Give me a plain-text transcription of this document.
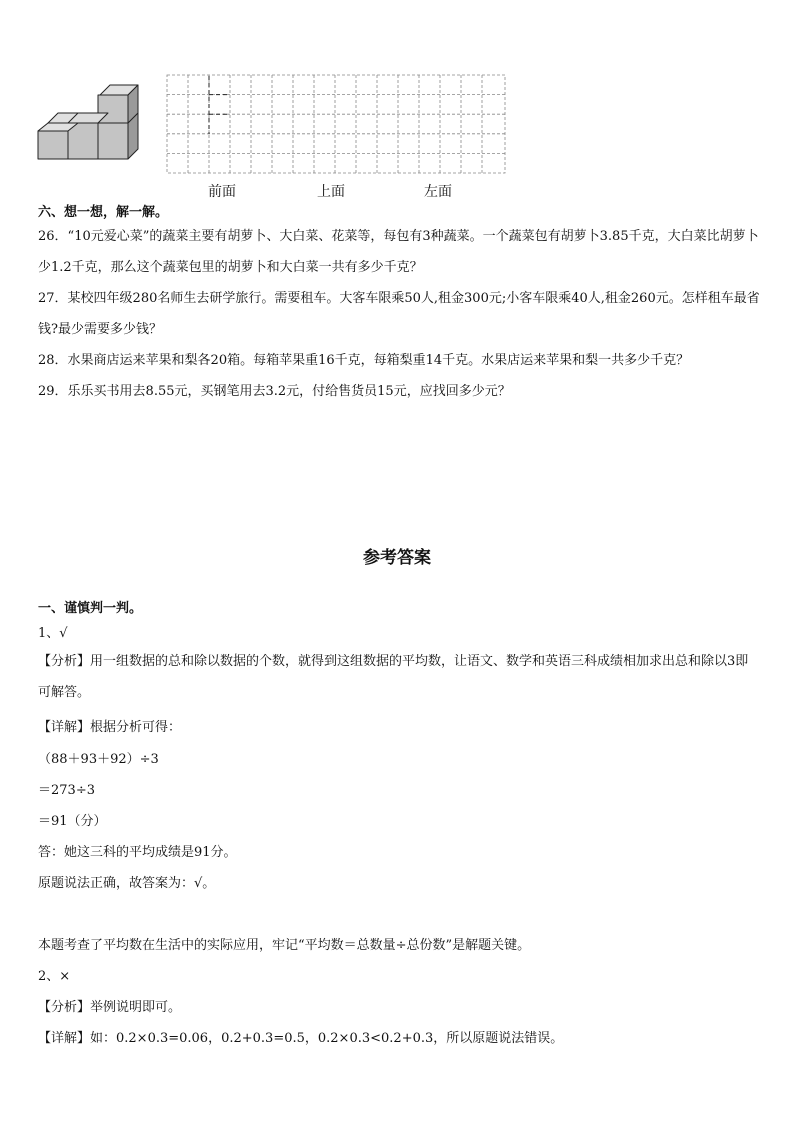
前面	上面	左面
六、想一想，解一解。
26．“10元爱心菜”的蔬菜主要有胡萝卜、大白菜、花菜等，每包有3种蔬菜。一个蔬菜包有胡萝卜3.85千克，大白菜比胡萝卜少1.2千克，那么这个蔬菜包里的胡萝卜和大白菜一共有多少千克？
27．某校四年级280名师生去研学旅行。需要租车。大客车限乘50人,租金300元;小客车限乘40人,租金260元。怎样租车最省钱?最少需要多少钱？
28．水果商店运来苹果和梨各20箱。每箱苹果重16千克，每箱梨重14千克。水果店运来苹果和梨一共多少千克？
29．乐乐买书用去8.55元，买钢笔用去3.2元，付给售货员15元，应找回多少元？
参考答案
一、谨慎判一判。
1、√
【分析】用一组数据的总和除以数据的个数，就得到这组数据的平均数，让语文、数学和英语三科成绩相加求出总和除以3即可解答。
【详解】根据分析可得：
（88＋93＋92）÷3
＝273÷3
＝91（分）
答：她这三科的平均成绩是91分。
原题说法正确，故答案为：√。
本题考查了平均数在生活中的实际应用，牢记“平均数＝总数量÷总份数”是解题关键。
2、×
【分析】举例说明即可。
【详解】如：0.2×0.3=0.06，0.2+0.3=0.5，0.2×0.3<0.2+0.3，所以原题说法错误。
